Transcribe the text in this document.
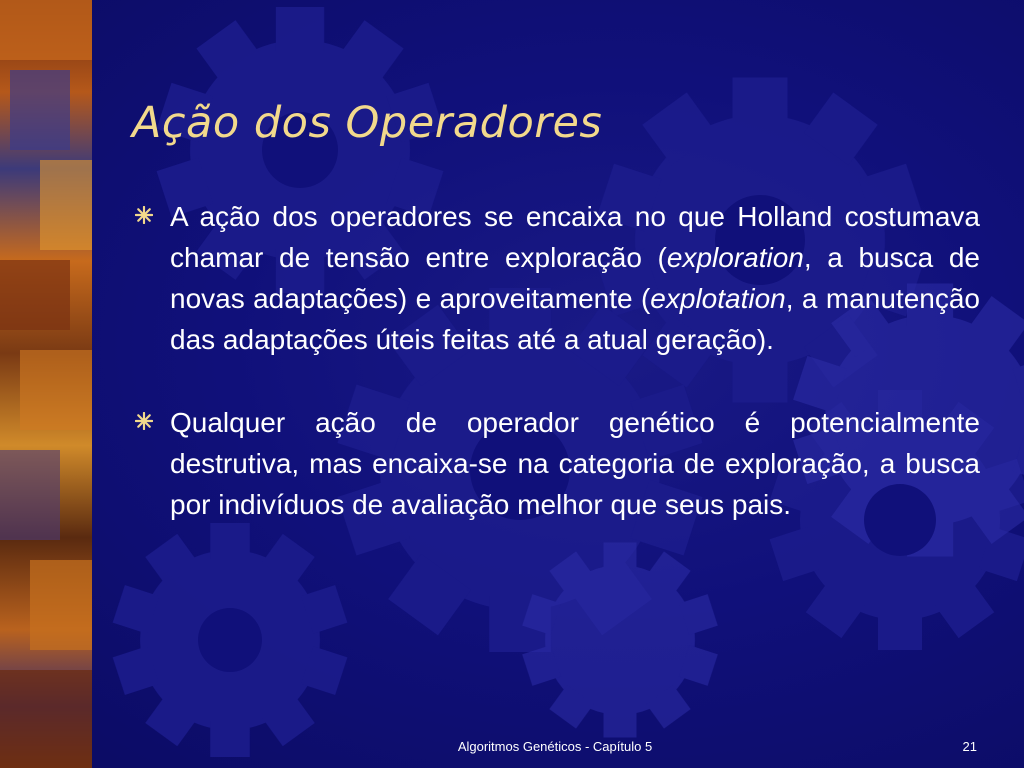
Ação dos Operadores
A ação dos operadores se encaixa no que Holland costumava chamar de tensão entre exploração (exploration, a busca de novas adaptações) e aproveitamente (explotation, a manutenção das adaptações úteis feitas até a atual geração).
Qualquer ação de operador genético é potencialmente destrutiva, mas encaixa-se na categoria de exploração, a busca por indivíduos de avaliação melhor que seus pais.
Algoritmos Genéticos - Capítulo 5	21
